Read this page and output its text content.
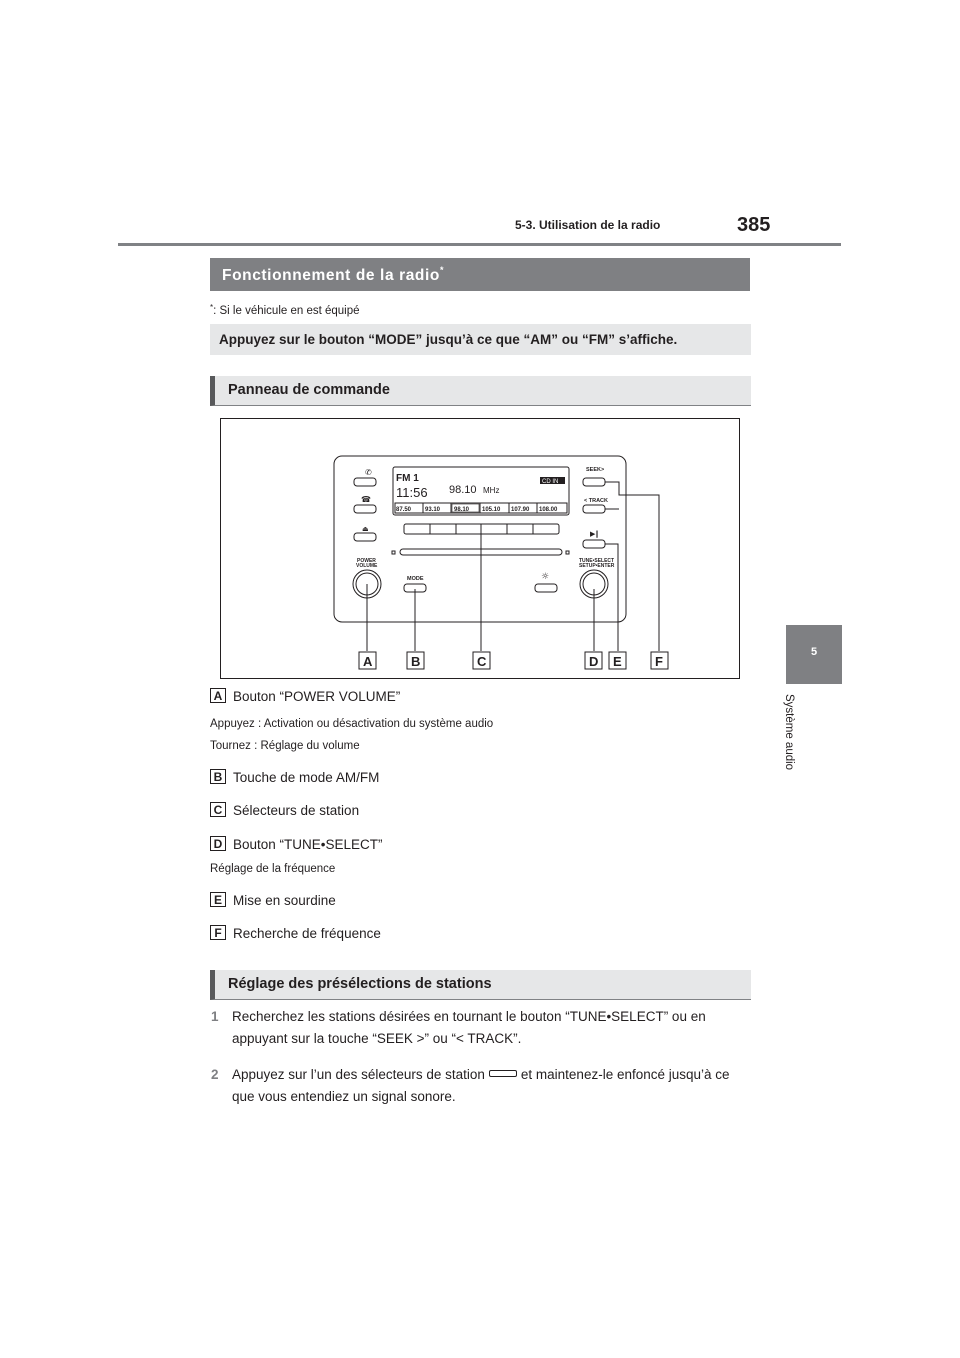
5-3. Utilisation de la radio	385
5
Système audio
Fonctionnement de la radio*
*: Si le véhicule en est équipé
Appuyez sur le bouton “MODE” jusqu’à ce que “AM” ou “FM” s’affiche.
Panneau de commande
✆
☎
⏏
▶‖
☼
FM 1
11:56 98.10 MHz
CD IN
87.50 93.10 98.10 105.10 107.90 108.00
SEEK>
< TRACK
POWER
VOLUME
TUNE•SELECT
SETUP•ENTER
MODE
A	B	C	D E	F
A Bouton “POWER VOLUME”
Appuyez : Activation ou désactivation du système audio
Tournez : Réglage du volume
B Touche de mode AM/FM
C Sélecteurs de station
D Bouton “TUNE•SELECT”
Réglage de la fréquence
E Mise en sourdine
F Recherche de fréquence
Réglage des présélections de stations
1 Recherchez les stations désirées en tournant le bouton “TUNE•SELECT” ou en appuyant sur la touche “SEEK >” ou “< TRACK”.
2 Appuyez sur l’un des sélecteurs de station	et maintenez-le enfoncé jusqu’à ce que vous entendiez un signal sonore.
